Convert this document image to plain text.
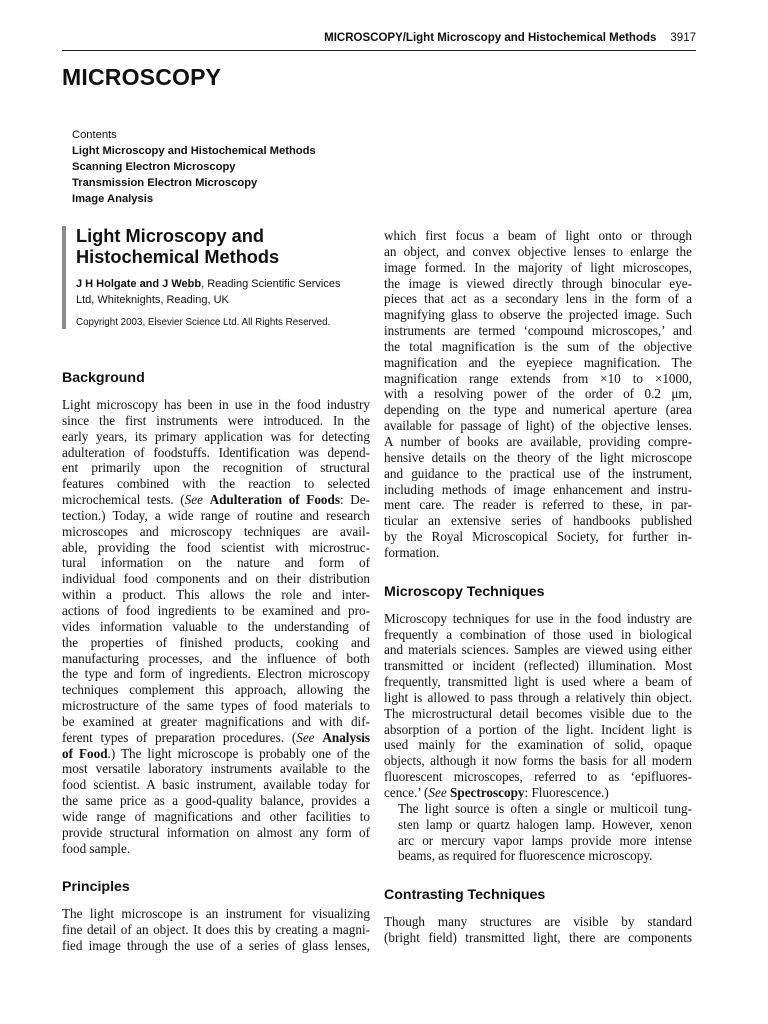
MICROSCOPY/Light Microscopy and Histochemical Methods 3917
MICROSCOPY
Contents
Light Microscopy and Histochemical Methods
Scanning Electron Microscopy
Transmission Electron Microscopy
Image Analysis
Light Microscopy and
Histochemical Methods

J H Holgate and J Webb, Reading Scientific Services
Ltd, Whiteknights, Reading, UK

Copyright 2003, Elsevier Science Ltd. All Rights Reserved.

Background
Light microscopy has been in use in the food industry
since the first instruments were introduced. In the
early years, its primary application was for detecting
adulteration of foodstuffs. Identification was depend-
ent primarily upon the recognition of structural
features combined with the reaction to selected
microchemical tests. (See Adulteration of Foods: De-
tection.) Today, a wide range of routine and research
microscopes and microscopy techniques are avail-
able, providing the food scientist with microstruc-
tural information on the nature and form of
individual food components and on their distribution
within a product. This allows the role and inter-
actions of food ingredients to be examined and pro-
vides information valuable to the understanding of
the properties of finished products, cooking and
manufacturing processes, and the influence of both
the type and form of ingredients. Electron microscopy
techniques complement this approach, allowing the
microstructure of the same types of food materials to
be examined at greater magnifications and with dif-
ferent types of preparation procedures. (See Analysis
of Food.) The light microscope is probably one of the
most versatile laboratory instruments available to the
food scientist. A basic instrument, available today for
the same price as a good-quality balance, provides a
wide range of magnifications and other facilities to
provide structural information on almost any form of
food sample.
Principles
The light microscope is an instrument for visualizing
fine detail of an object. It does this by creating a magni-
fied image through the use of a series of glass lenses,
which first focus a beam of light onto or through
an object, and convex objective lenses to enlarge the
image formed. In the majority of light microscopes,
the image is viewed directly through binocular eye-
pieces that act as a secondary lens in the form of a
magnifying glass to observe the projected image. Such
instruments are termed ‘compound microscopes,’ and
the total magnification is the sum of the objective
magnification and the eyepiece magnification. The
magnification range extends from ×10 to ×1000,
with a resolving power of the order of 0.2 μm,
depending on the type and numerical aperture (area
available for passage of light) of the objective lenses.
A number of books are available, providing compre-
hensive details on the theory of the light microscope
and guidance to the practical use of the instrument,
including methods of image enhancement and instru-
ment care. The reader is referred to these, in par-
ticular an extensive series of handbooks published
by the Royal Microscopical Society, for further in-
formation.
Microscopy Techniques
Microscopy techniques for use in the food industry are
frequently a combination of those used in biological
and materials sciences. Samples are viewed using either
transmitted or incident (reflected) illumination. Most
frequently, transmitted light is used where a beam of
light is allowed to pass through a relatively thin object.
The microstructural detail becomes visible due to the
absorption of a portion of the light. Incident light is
used mainly for the examination of solid, opaque
objects, although it now forms the basis for all modern
fluorescent microscopes, referred to as ‘epifluores-
cence.’ (See Spectroscopy: Fluorescence.)
The light source is often a single or multicoil tung-
sten lamp or quartz halogen lamp. However, xenon
arc or mercury vapor lamps provide more intense
beams, as required for fluorescence microscopy.
Contrasting Techniques
Though many structures are visible by standard
(bright field) transmitted light, there are components
